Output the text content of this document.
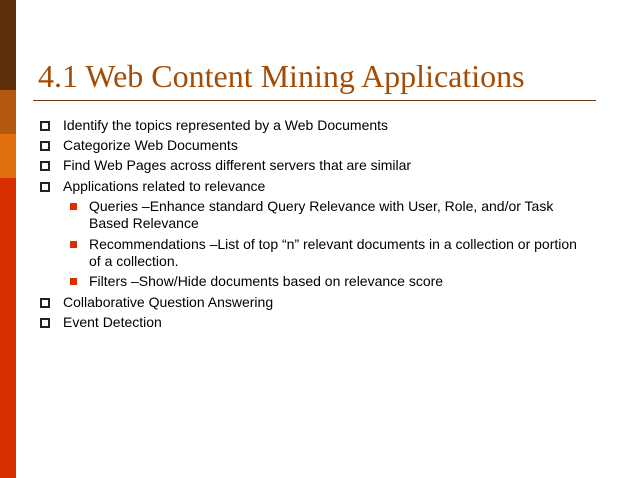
4.1 Web Content Mining Applications
Identify the topics represented by a Web Documents
Categorize Web Documents
Find Web Pages across different servers that are similar
Applications related to relevance
Queries –Enhance standard Query Relevance with User, Role, and/or Task
Based Relevance
Recommendations –List of top “n” relevant documents in a collection or portion
of a collection.
Filters –Show/Hide documents based on relevance score
Collaborative Question Answering
Event Detection
